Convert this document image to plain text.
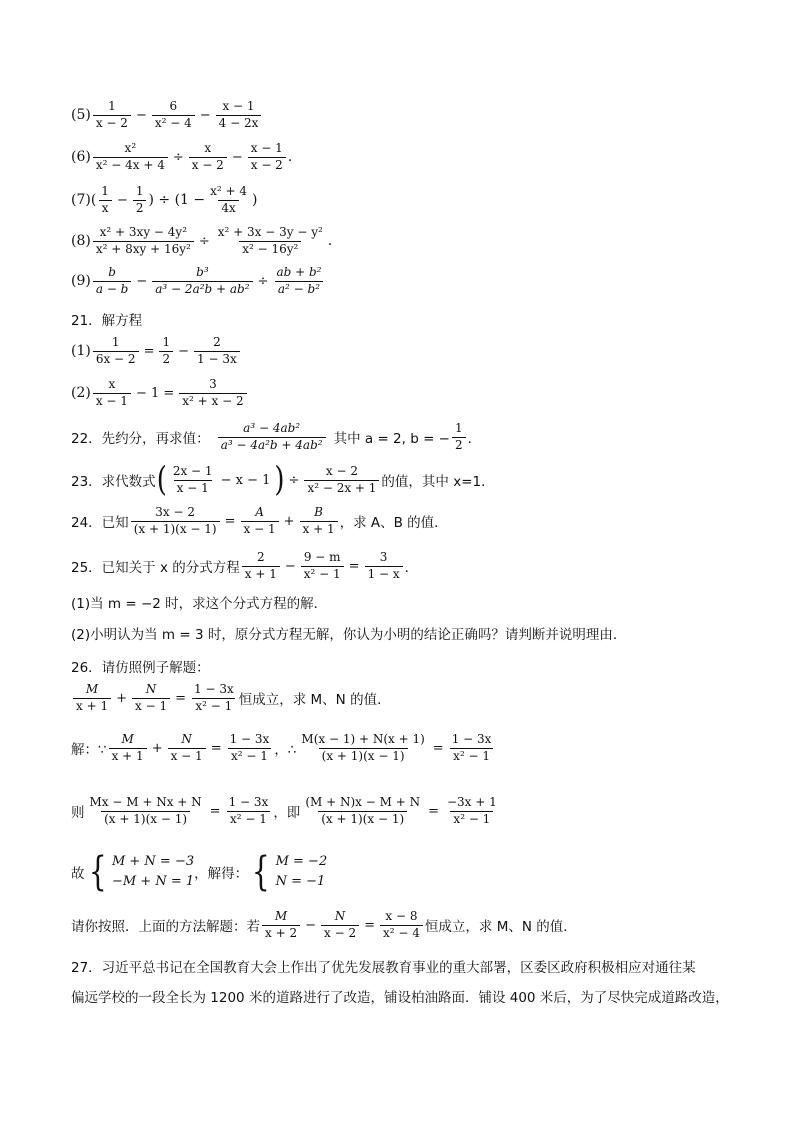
$(5) \frac{1}{x - 2} - \frac{6}{\text{x² − 4}} - \frac{x - 1}{4 - 2x}$
$(6) \frac{\text{x²}}{\text{x² − 4x + 4}} \div \frac{x}{x - 2} - \frac{x - 1}{x - 2}$ .
$(7)( \frac{1}{x} - \frac{1}{2}$ ) ÷ ($1 - \frac{\text{x² + 4}}{4x}$ )
$(8) \frac{\text{x² + 3xy − 4y²}}{\text{x² + 8xy + 16y²}} \div \frac{\text{x² + 3x − 3y − y²}}{\text{x² − 16y²}}$ .
$(9) \frac{b}{a - b} - \frac{\text{b³}}{\text{a³ − 2a²b + ab²}} \div \frac{\text{ab + b²}}{\text{a² − b²}}$
21．解方程
$(1) \frac{1}{6x - 2} = \frac{1}{2} - \frac{2}{1 - 3x}$
$(2) \frac{x}{x - 1} - 1 = \frac{3}{\text{x² + x − 2}}$
22．先约分，再求值： $\frac{\text{a³ − 4ab²}}{\text{a³ − 4a²b + 4ab²}}$ 其中 a = 2, b = − $\frac{1}{2}$ ．
23．求代数式 ( $\frac{2x - 1}{x - 1} - x - 1$ ) ÷ $\frac{x - 2}{\text{x² − 2x + 1}}$ 的值，其中 x=1．
24．已知 $\frac{3x - 2}{(x + 1)(x - 1)} = \frac{A}{x - 1} + \frac{B}{x + 1}$ ，求 A、B 的值.
25．已知关于 x 的分式方程 $\frac{2}{x + 1} - \frac{9 - m}{\text{x² − 1}} = \frac{3}{1 - x}$ ．
(1)当 m = −2 时，求这个分式方程的解．
(2)小明认为当 m = 3 时，原分式方程无解，你认为小明的结论正确吗？请判断并说明理由．
26．请仿照例子解题：
$\frac{M}{x + 1} + \frac{N}{x - 1} = \frac{1 - 3x}{\text{x² − 1}}$ 恒成立，求 M、N 的值．
解：∵ $\frac{M}{x + 1} + \frac{N}{x - 1} = \frac{1 - 3x}{\text{x² − 1}}$ ，∴ $\frac{M(x - 1) + N(x + 1)}{(x + 1)(x - 1)} = \frac{1 - 3x}{\text{x² − 1}}$
则 $\frac{Mx - M + Nx + N}{(x + 1)(x - 1)} = \frac{1 - 3x}{\text{x² − 1}}$ ，即 $\frac{(M + N)x - M + N}{(x + 1)(x - 1)} = \frac{-3x + 1}{\text{x² − 1}}$
故 { M + N = −3
−M + N = 1 ，解得： { M = −2
N = −1
请你按照．上面的方法解题：若 $\frac{M}{x + 2} - \frac{N}{x - 2} = \frac{x - 8}{\text{x² − 4}}$ 恒成立，求 M、N 的值．
27．习近平总书记在全国教育大会上作出了优先发展教育事业的重大部署，区委区政府积极相应对通往某
偏远学校的一段全长为 1200 米的道路进行了改造，铺设柏油路面．铺设 400 米后，为了尽快完成道路改造，
